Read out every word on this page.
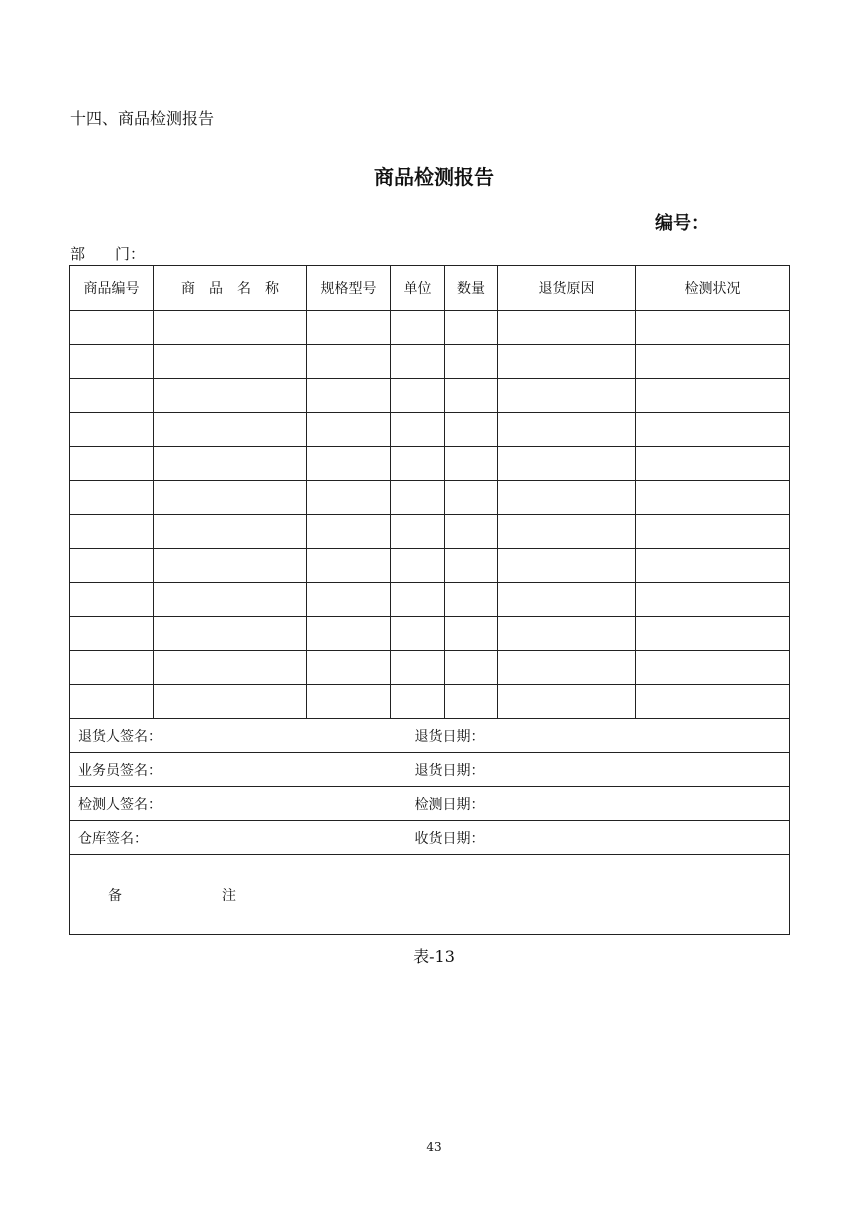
十四、商品检测报告
商品检测报告
编号：
部　　门：
商品编号	商　品　名　称	规格型号	单位	数量	退货原因	检测状况

退货人签名：	退货日期：
业务员签名：	退货日期：
检测人签名：	检测日期：
仓库签名：	收货日期：
备 注	
表-13
43
